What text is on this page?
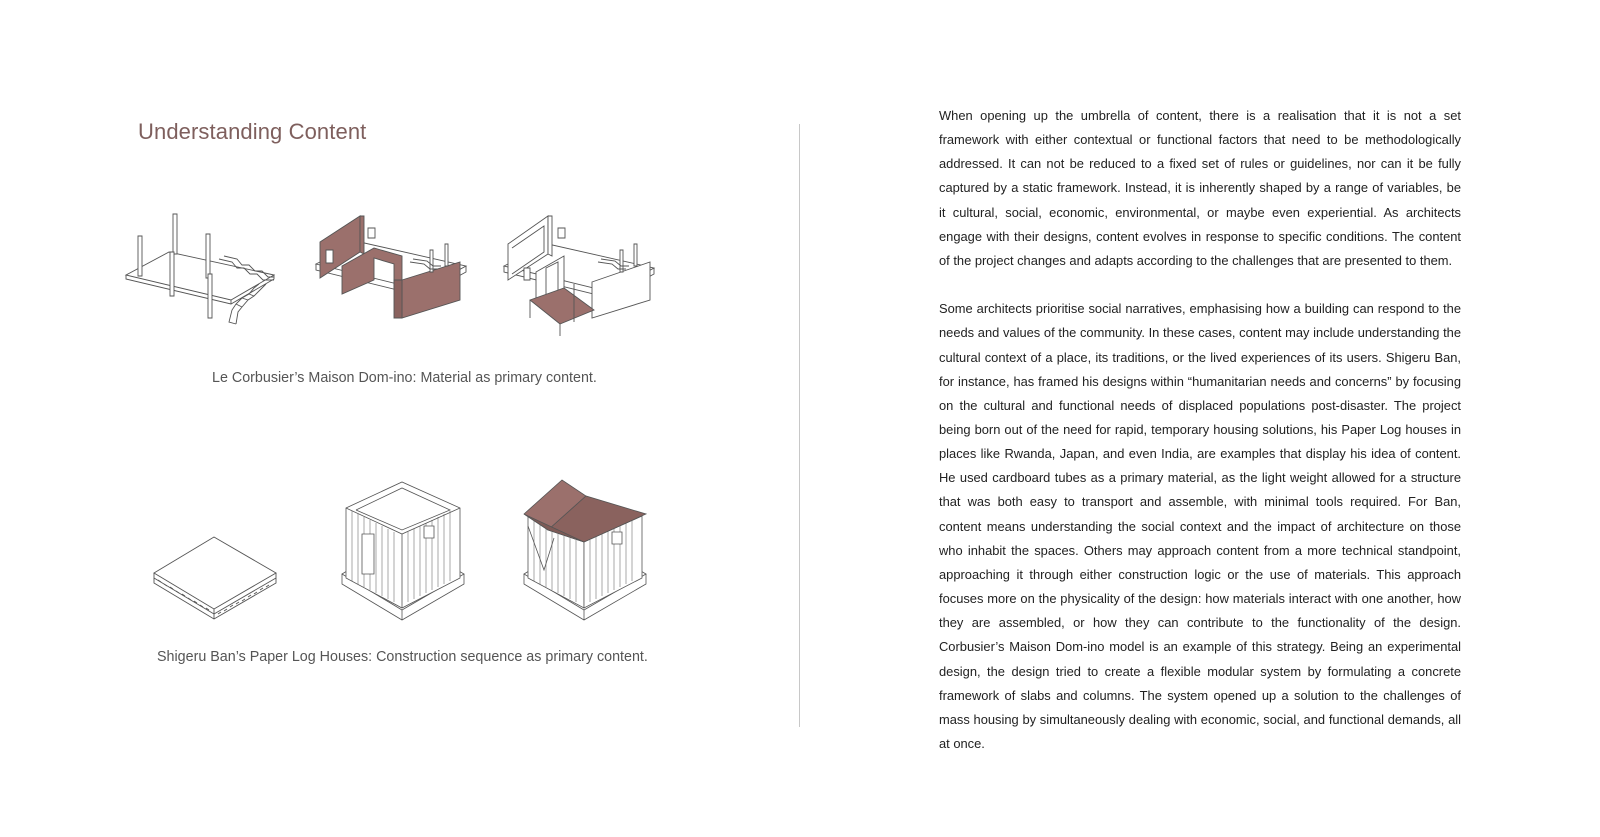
Understanding Content
Le Corbusier’s Maison Dom-ino: Material as primary content.
Shigeru Ban’s Paper Log Houses: Construction sequence as primary content.

When opening up the umbrella of content, there is a realisation that it is not a set framework with either contextual or functional factors that need to be methodologically addressed. It can not be reduced to a fixed set of rules or guidelines, nor can it be fully captured by a static framework. Instead, it is inherently shaped by a range of variables, be it cultural, social, economic, environmental, or maybe even experiential. As architects engage with their designs, content evolves in response to specific conditions. The content of the project changes and adapts according to the challenges that are presented to them.

Some architects prioritise social narratives, emphasising how a building can respond to the needs and values of the community. In these cases, content may include understanding the cultural context of a place, its traditions, or the lived experiences of its users. Shigeru Ban, for instance, has framed his designs within “humanitarian needs and concerns” by focusing on the cultural and functional needs of displaced populations post-disaster. The project being born out of the need for rapid, temporary housing solutions, his Paper Log houses in places like Rwanda, Japan, and even India, are examples that display his idea of content. He used cardboard tubes as a primary material, as the light weight allowed for a structure that was both easy to transport and assemble, with minimal tools required. For Ban, content means understanding the social context and the impact of architecture on those who inhabit the spaces. Others may approach content from a more technical standpoint, approaching it through either construction logic or the use of materials. This approach focuses more on the physicality of the design: how materials interact with one another, how they are assembled, or how they can contribute to the functionality of the design. Corbusier’s Maison Dom-ino model is an example of this strategy. Being an experimental design, the design tried to create a flexible modular system by formulating a concrete framework of slabs and columns. The system opened up a solution to the challenges of mass housing by simultaneously dealing with economic, social, and functional demands, all at once.
